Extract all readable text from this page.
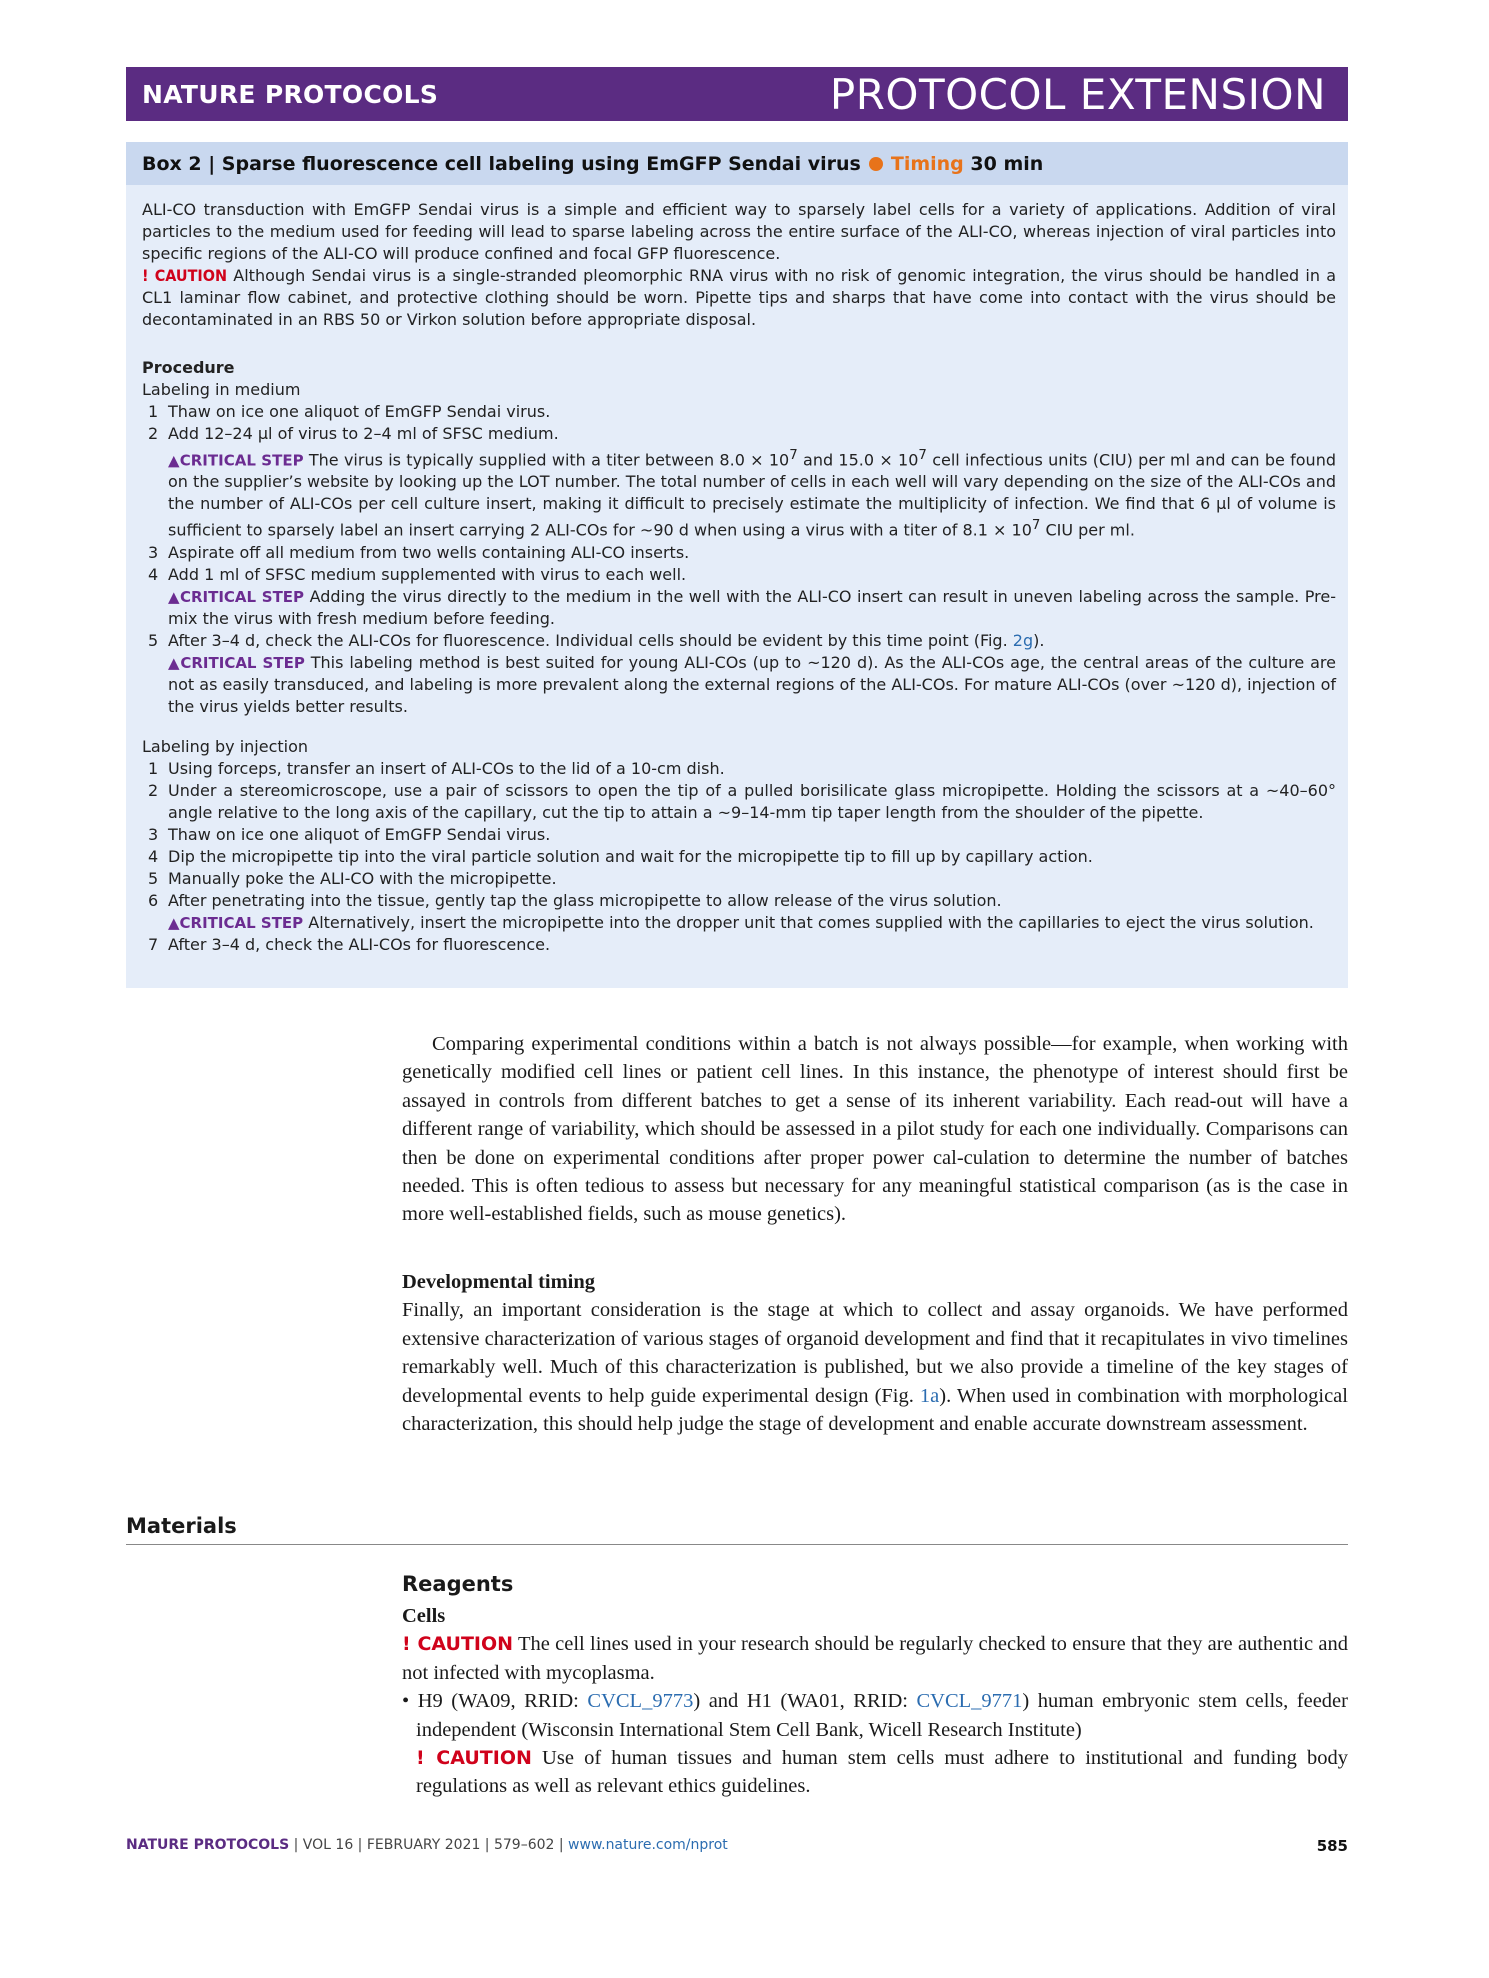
NATURE PROTOCOLS	PROTOCOL EXTENSION
Box 2 | Sparse fluorescence cell labeling using EmGFP Sendai virus Timing
30 min

ALI-CO transduction with EmGFP Sendai virus is a simple and efficient way to sparsely label cells for a variety of applications. Addition of viral particles to the medium used for feeding will lead to sparse labeling across the entire surface of the ALI-CO, whereas injection of viral particles into specific regions of the ALI-CO will produce confined and focal GFP fluorescence.

! CAUTION Although Sendai virus is a single-stranded pleomorphic RNA virus with no risk of genomic integration, the virus should be handled in a CL1 laminar flow cabinet, and protective clothing should be worn. Pipette tips and sharps that have come into contact with the virus should be decontaminated in an RBS 50 or Virkon solution before appropriate disposal.

Procedure

Labeling in medium

1 Thaw on ice one aliquot of EmGFP Sendai virus.
2 Add 12–24 µl of virus to 2–4 ml of SFSC medium.
▲CRITICAL STEP The virus is typically supplied with a titer between $8.0 \times 10^7$ and $15.0 \times 10^7$ cell infectious units (CIU) per ml and can be found on the supplier’s website by looking up the LOT number. The total number of cells in each well will vary depending on the size of the ALI-COs and the number of ALI-COs per cell culture insert, making it difficult to precisely estimate the multiplicity of infection. We find that 6 µl of volume is sufficient to sparsely label an insert carrying 2 ALI-COs for ~90 d when using a virus with a titer of $8.1 \times 10^7$ CIU per ml.
3 Aspirate off all medium from two wells containing ALI-CO inserts.
4 Add 1 ml of SFSC medium supplemented with virus to each well.
▲CRITICAL STEP Adding the virus directly to the medium in the well with the ALI-CO insert can result in uneven labeling across the sample. Pre-mix the virus with fresh medium before feeding.
5 After 3–4 d, check the ALI-COs for fluorescence. Individual cells should be evident by this time point (Fig. 2g).
▲CRITICAL STEP This labeling method is best suited for young ALI-COs (up to ~120 d). As the ALI-COs age, the central areas of the culture are not as easily transduced, and labeling is more prevalent along the external regions of the ALI-COs. For mature ALI-COs (over ~120 d), injection of the virus yields better results.

Labeling by injection

1 Using forceps, transfer an insert of ALI-COs to the lid of a 10-cm dish.
2 Under a stereomicroscope, use a pair of scissors to open the tip of a pulled borisilicate glass micropipette. Holding the scissors at a ~40–60° angle relative to the long axis of the capillary, cut the tip to attain a ~9–14-mm tip taper length from the shoulder of the pipette.
3 Thaw on ice one aliquot of EmGFP Sendai virus.
4 Dip the micropipette tip into the viral particle solution and wait for the micropipette tip to fill up by capillary action.
5 Manually poke the ALI-CO with the micropipette.
6 After penetrating into the tissue, gently tap the glass micropipette to allow release of the virus solution.
▲CRITICAL STEP Alternatively, insert the micropipette into the dropper unit that comes supplied with the capillaries to eject the virus solution.
7 After 3–4 d, check the ALI-COs for fluorescence.

Comparing experimental conditions within a batch is not always possible—for example, when working with genetically modified cell lines or patient cell lines. In this instance, the phenotype of interest should first be assayed in controls from different batches to get a sense of its inherent variability. Each read-out will have a different range of variability, which should be assessed in a pilot study for each one individually. Comparisons can then be done on experimental conditions after proper power cal-culation to determine the number of batches needed. This is often tedious to assess but necessary for any meaningful statistical comparison (as is the case in more well-established fields, such as mouse genetics).

Developmental timing

Finally, an important consideration is the stage at which to collect and assay organoids. We have performed extensive characterization of various stages of organoid development and find that it recapitulates in vivo timelines remarkably well. Much of this characterization is published, but we also provide a timeline of the key stages of developmental events to help guide experimental design (Fig. 1a). When used in combination with morphological characterization, this should help judge the stage of development and enable accurate downstream assessment.

Materials
Reagents

Cells

! CAUTION The cell lines used in your research should be regularly checked to ensure that they are authentic and not infected with mycoplasma.

• H9 (WA09, RRID: CVCL_9773) and H1 (WA01, RRID: CVCL_9771) human embryonic stem cells, feeder independent (Wisconsin International Stem Cell Bank, Wicell Research Institute)
! CAUTION Use of human tissues and human stem cells must adhere to institutional and funding body regulations as well as relevant ethics guidelines.

NATURE PROTOCOLS | VOL 16 | FEBRUARY 2021 | 579–602 | www.nature.com/nprot	585
